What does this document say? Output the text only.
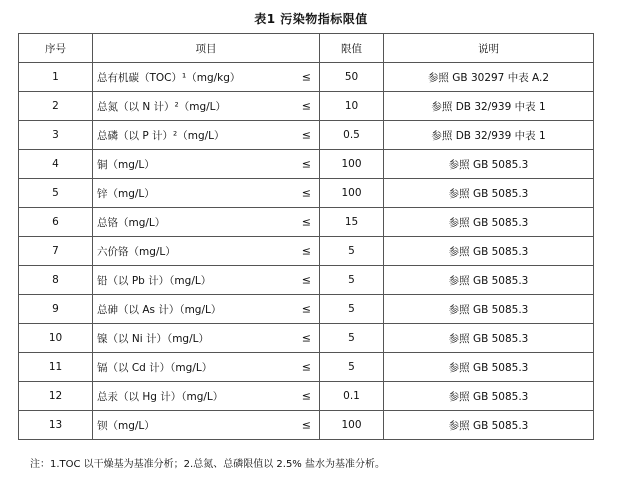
表1 污染物指标限值
序号	项目	限值	说明
1	总有机碳（TOC）¹（mg/kg） ≤	50	参照 GB 30297 中表 A.2
2	总氮（以 N 计）²（mg/L） ≤	10	参照 DB 32/939 中表 1
3	总磷（以 P 计）²（mg/L） ≤	0.5	参照 DB 32/939 中表 1
4	铜（mg/L） ≤	100	参照 GB 5085.3
5	锌（mg/L） ≤	100	参照 GB 5085.3
6	总铬（mg/L） ≤	15	参照 GB 5085.3
7	六价铬（mg/L） ≤	5	参照 GB 5085.3
8	铅（以 Pb 计）（mg/L） ≤	5	参照 GB 5085.3
9	总砷（以 As 计）（mg/L） ≤	5	参照 GB 5085.3
10	镍（以 Ni 计）（mg/L） ≤	5	参照 GB 5085.3
11	镉（以 Cd 计）（mg/L） ≤	5	参照 GB 5085.3
12	总汞（以 Hg 计）（mg/L） ≤	0.1	参照 GB 5085.3
13	钡（mg/L） ≤	100	参照 GB 5085.3
注：1.TOC 以干燥基为基准分析；2.总氮、总磷限值以 2.5% 盐水为基准分析。
